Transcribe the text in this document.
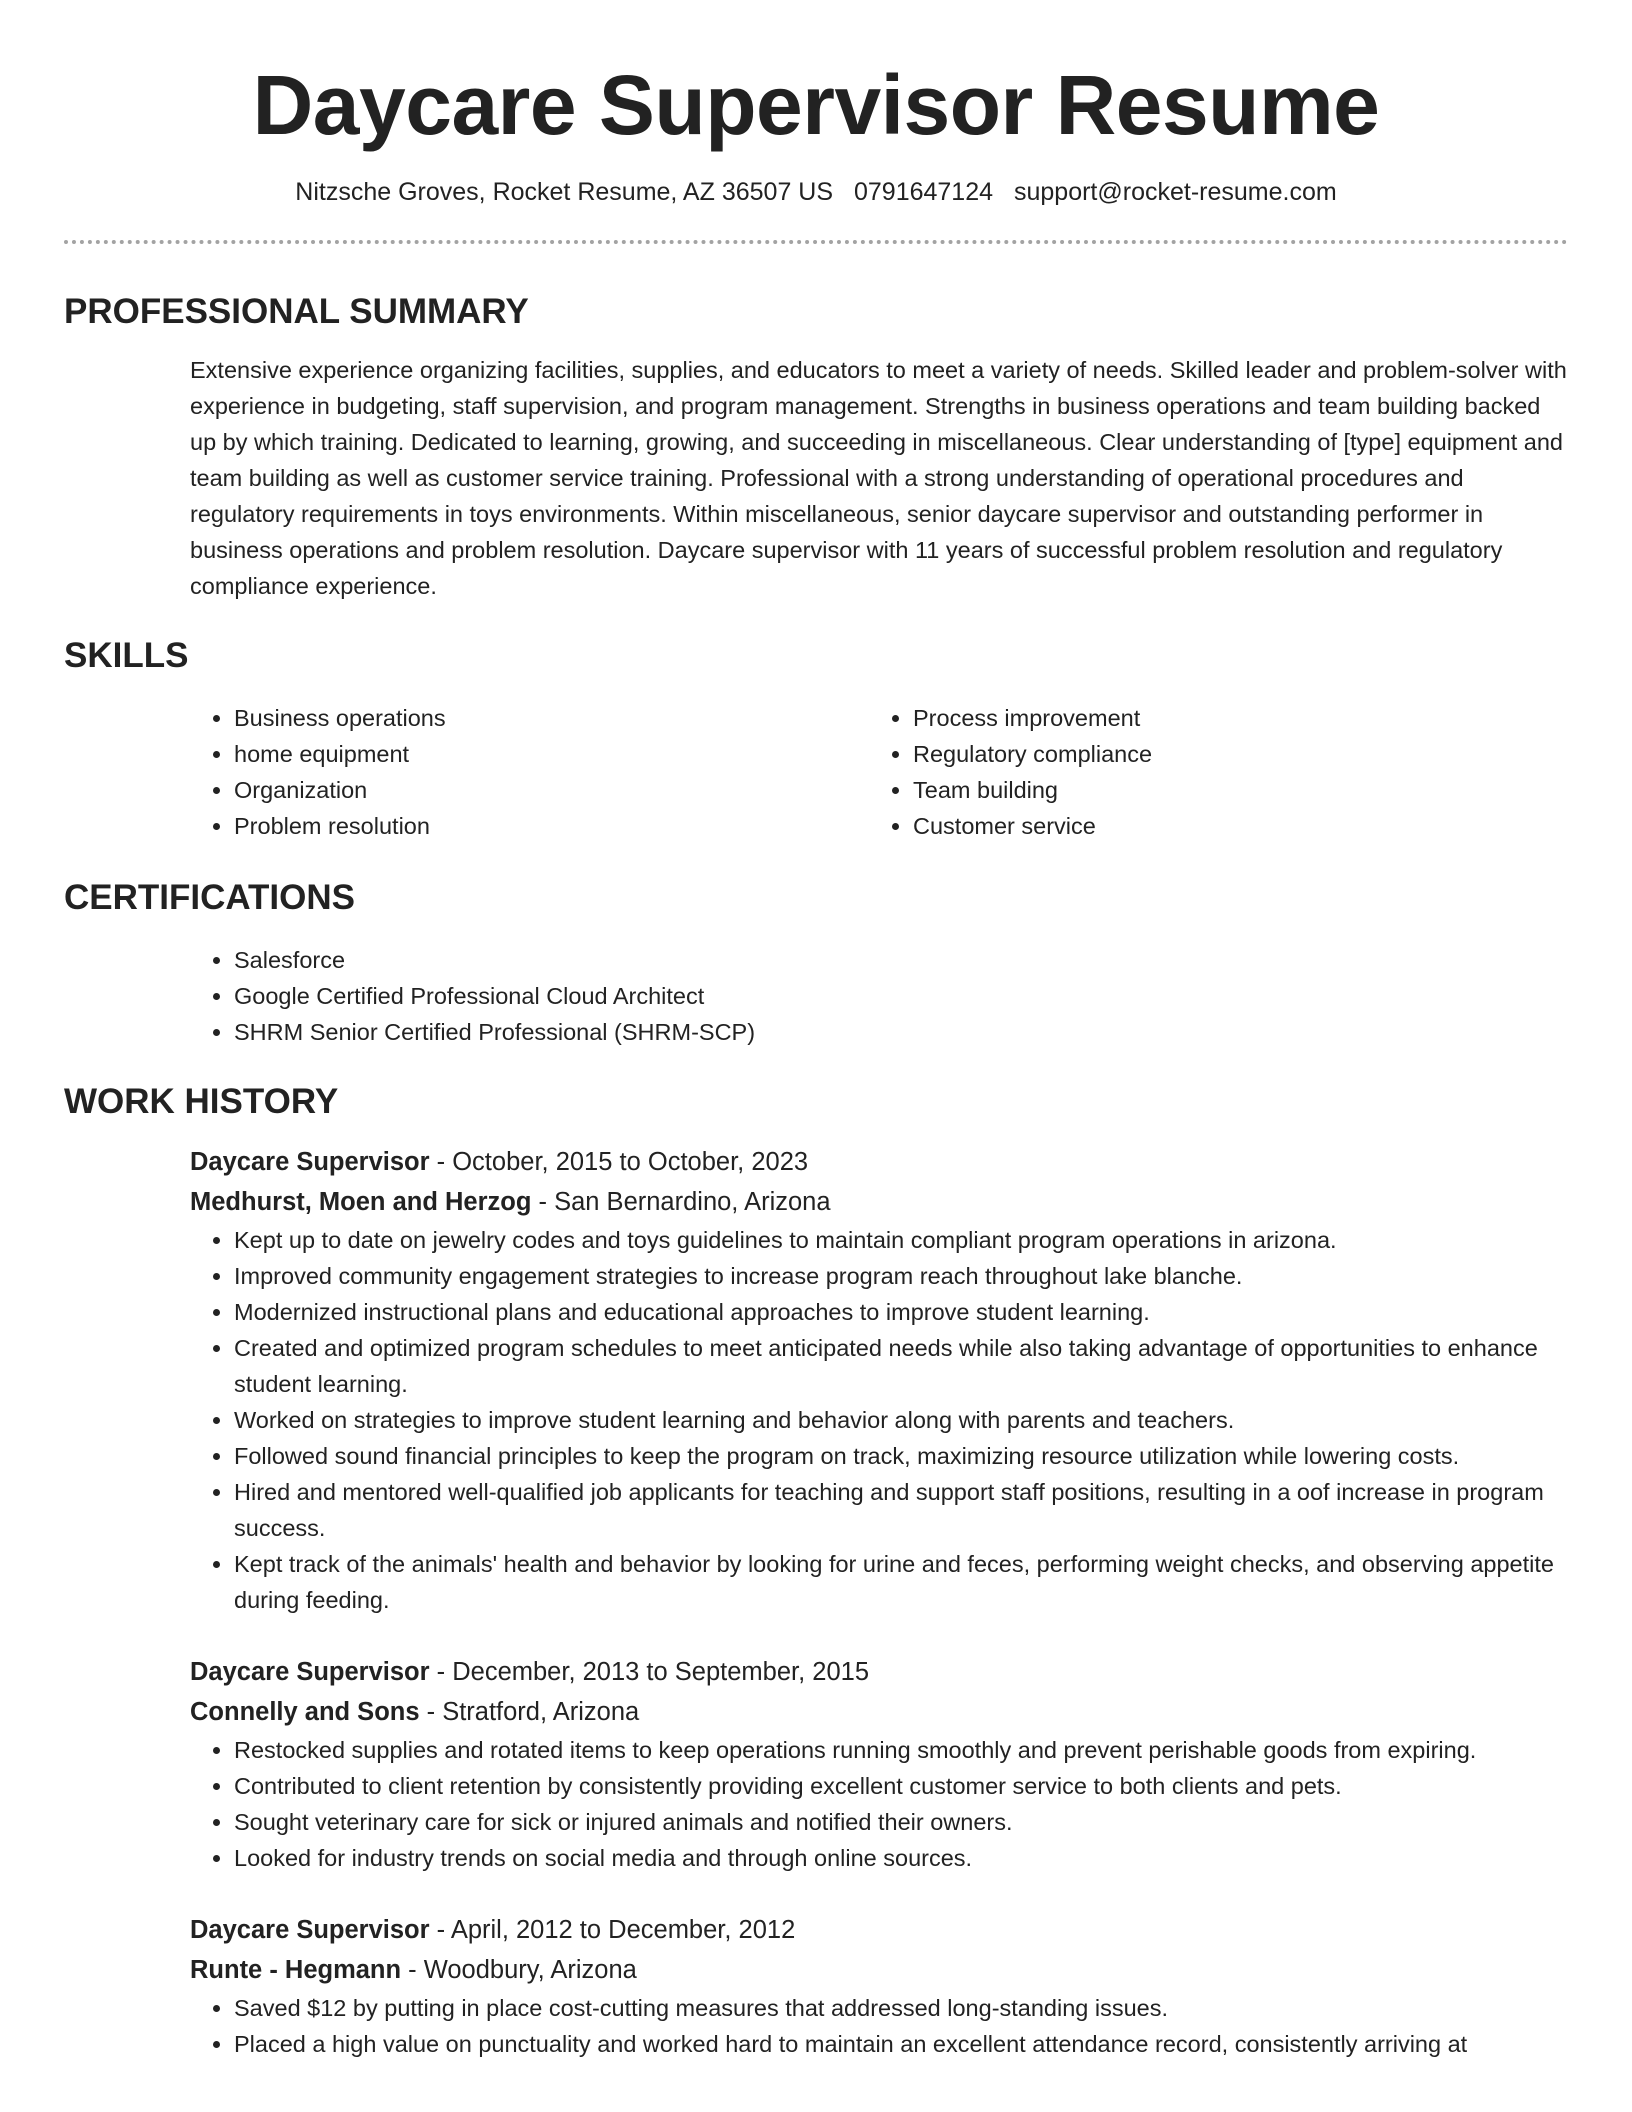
Daycare Supervisor Resume
Nitzsche Groves, Rocket Resume, AZ 36507 US 0791647124 support@rocket-resume.com
PROFESSIONAL SUMMARY
Extensive experience organizing facilities, supplies, and educators to meet a variety of needs. Skilled leader and problem-solver with experience in budgeting, staff supervision, and program management. Strengths in business operations and team building backed up by which training. Dedicated to learning, growing, and succeeding in miscellaneous. Clear understanding of [type] equipment and team building as well as customer service training. Professional with a strong understanding of operational procedures and regulatory requirements in toys environments. Within miscellaneous, senior daycare supervisor and outstanding performer in business operations and problem resolution. Daycare supervisor with 11 years of successful problem resolution and regulatory compliance experience.
SKILLS
• Business operations
• home equipment
• Organization
• Problem resolution
• Process improvement
• Regulatory compliance
• Team building
• Customer service
CERTIFICATIONS
• Salesforce
• Google Certified Professional Cloud Architect
• SHRM Senior Certified Professional (SHRM-SCP)
WORK HISTORY
Daycare Supervisor - October, 2015 to October, 2023
Medhurst, Moen and Herzog - San Bernardino, Arizona
• Kept up to date on jewelry codes and toys guidelines to maintain compliant program operations in arizona.
• Improved community engagement strategies to increase program reach throughout lake blanche.
• Modernized instructional plans and educational approaches to improve student learning.
• Created and optimized program schedules to meet anticipated needs while also taking advantage of opportunities to enhance student learning.
• Worked on strategies to improve student learning and behavior along with parents and teachers.
• Followed sound financial principles to keep the program on track, maximizing resource utilization while lowering costs.
• Hired and mentored well-qualified job applicants for teaching and support staff positions, resulting in a oof increase in program success.
• Kept track of the animals' health and behavior by looking for urine and feces, performing weight checks, and observing appetite during feeding.
Daycare Supervisor - December, 2013 to September, 2015
Connelly and Sons - Stratford, Arizona
• Restocked supplies and rotated items to keep operations running smoothly and prevent perishable goods from expiring.
• Contributed to client retention by consistently providing excellent customer service to both clients and pets.
• Sought veterinary care for sick or injured animals and notified their owners.
• Looked for industry trends on social media and through online sources.
Daycare Supervisor - April, 2012 to December, 2012
Runte - Hegmann - Woodbury, Arizona
• Saved $12 by putting in place cost-cutting measures that addressed long-standing issues.
• Placed a high value on punctuality and worked hard to maintain an excellent attendance record, consistently arriving at
